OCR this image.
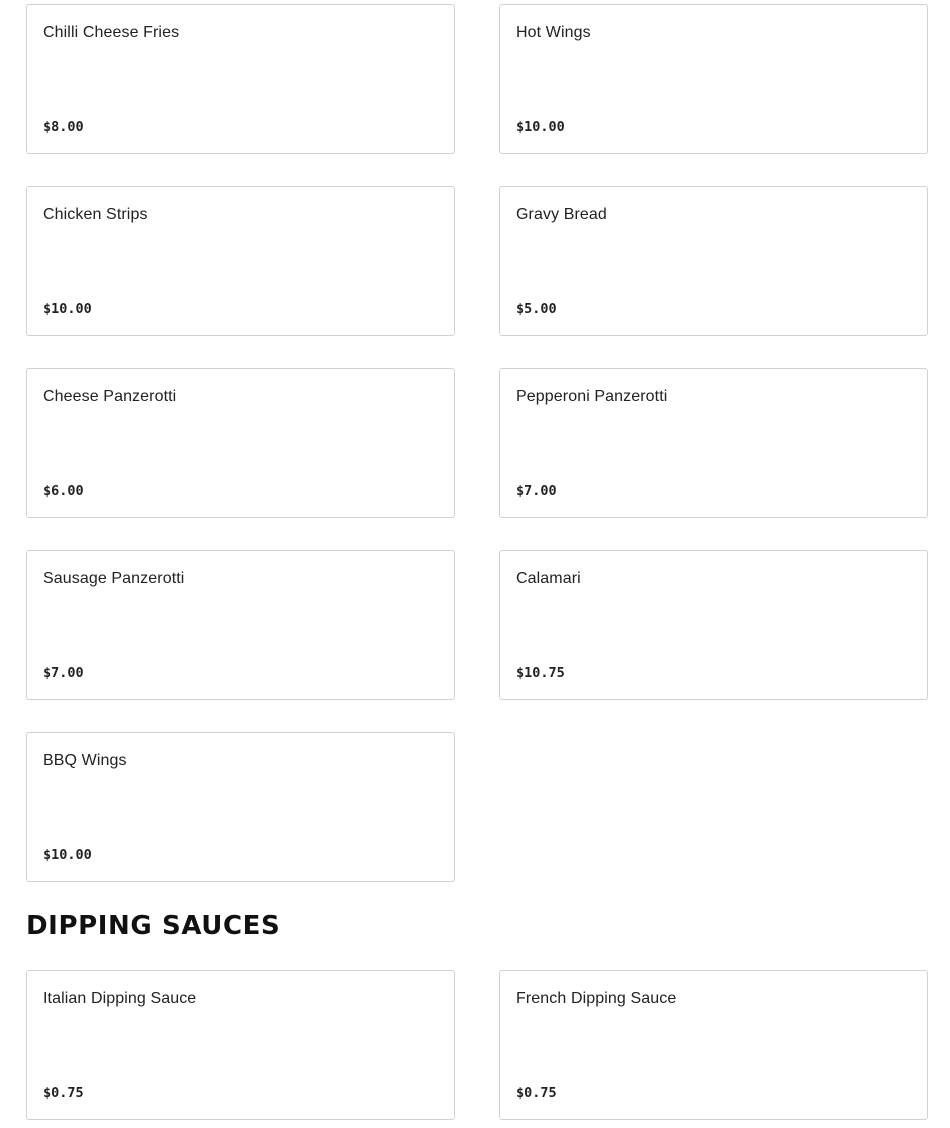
Chilli Cheese Fries
$8.00
Hot Wings
$10.00
Chicken Strips
$10.00
Gravy Bread
$5.00
Cheese Panzerotti
$6.00
Pepperoni Panzerotti
$7.00
Sausage Panzerotti
$7.00
Calamari
$10.75
BBQ Wings
$10.00
DIPPING SAUCES
Italian Dipping Sauce
$0.75
French Dipping Sauce
$0.75
